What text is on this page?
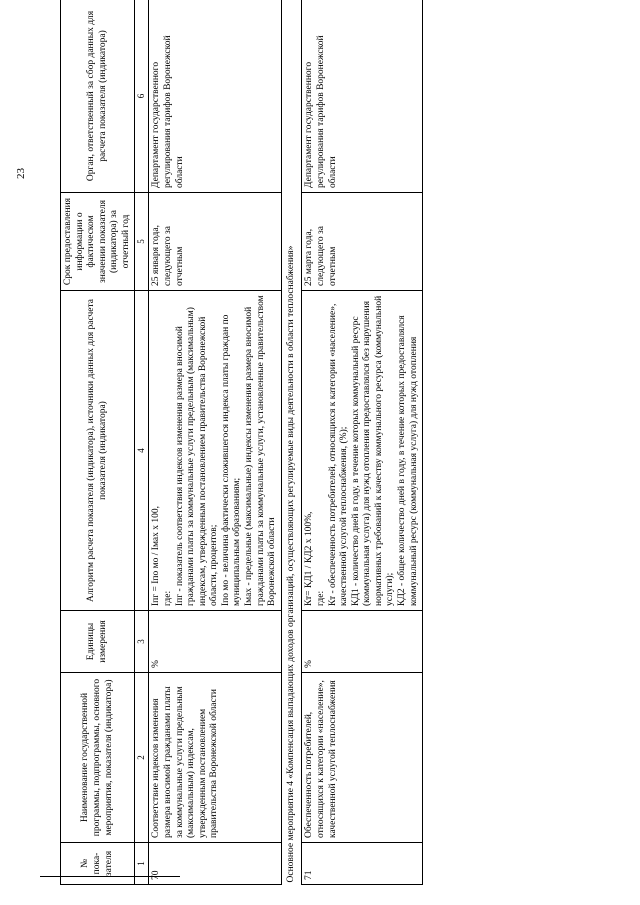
23
№ пока-зателя	Наименование государственной программы, подпрограммы, основного мероприятия, показателя (индикатора)	Единицы измерения	Алгоритм расчета показателя (индикатора), источники данных для расчета показателя (индикатора)	Срок предоставления информации о фактическом значении показателя (индикатора) за отчетный год	Орган, ответственный за сбор данных для расчета показателя (индикатора)
1	2	3	4	5	6
70	Соответствие индексов изменения размера вносимой гражданами платы за коммунальные услуги предельным (максимальным) индексам, утвержденным постановлением правительства Воронежской области	%	Iпг = Iпо мо / Iмах х 100, где: Iпг - показатель соответствия индексов изменения размера вносимой гражданами платы за коммунальные услуги предельным (максимальным) индексам, утвержденным постановлением правительства Воронежской области, процентов; Iпо мо - величина фактически сложившегося индекса платы граждан по муниципальным образованиям; Iмах - предельные (максимальные) индексы изменения размера вносимой гражданами платы за коммунальные услуги, установленные правительством Воронежской области	25 января года, следующего за отчетным	Департамент государственного регулирования тарифов Воронежской области
Основное мероприятие 4 «Компенсация выпадающих доходов организаций, осуществляющих регулируемые виды деятельности в области теплоснабжения»					
71	Обеспеченность потребителей, относящихся к категории «население», качественной услугой теплоснабжения	%	Кт= КД1 / КД2 х 100%, где: Кт - обеспеченность потребителей, относящихся к категории «население», качественной услугой теплоснабжения, (%); КД1 - количество дней в году, в течение которых коммунальный ресурс (коммунальная услуга) для нужд отопления предоставлялся без нарушения нормативных требований к качеству коммунального ресурса (коммунальной услуги); КД2 - общее количество дней в году, в течение которых предоставлялся коммунальный ресурс (коммунальная услуга) для нужд отопления	25 марта года, следующего за отчетным	Департамент государственного регулирования тарифов Воронежской области
